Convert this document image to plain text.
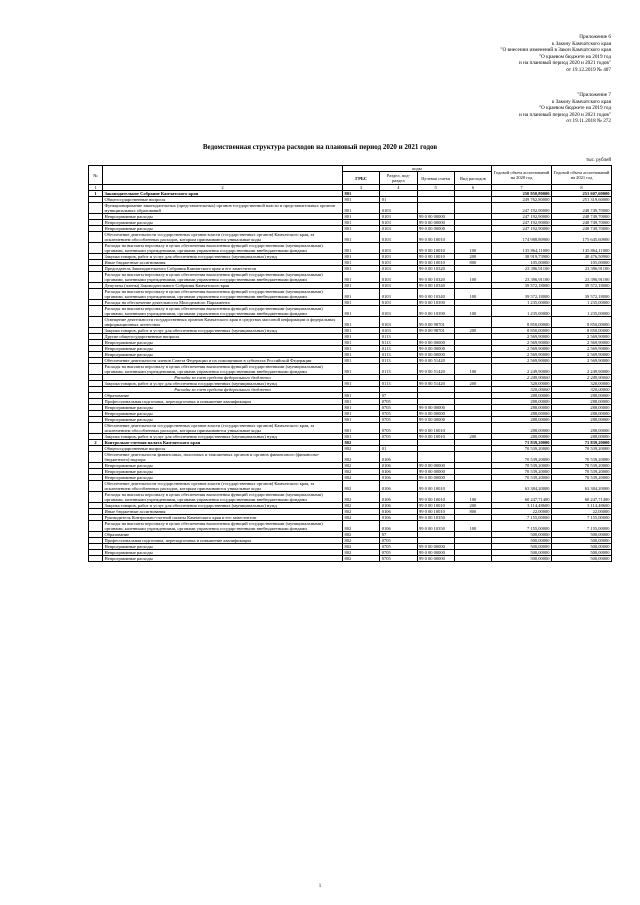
Приложение 6
к Закону Камчатского края
"О внесении изменений в Закон Камчатского края
"О краевом бюджете на 2019 год
и на плановый период 2020 и 2021 годов"
от 19.12.2019 № 407
"Приложение 7
к Закону Камчатского края
"О краевом бюджете на 2019 год
и на плановый период 2020 и 2021 годов"
от 19.11.2018 № 272
Ведомственная структура расходов на плановый период 2020 и 2021 годов
тыс. рублей
№		коды				Годовой объем ассигнований на 2020 год	Годовой объем ассигнований на 2021 год
		ГРБС	Раздел, под-раздел	Целевая статья	Вид расходов		
1	2	3	4	5	6	7	8
1	Законодательное Собрание Камчатского края	801				250 950,80000	251 607,60000
	Общегосударственные вопросы	801	01			249 762,80000	251 319,60000
	Функционирование законодательных (представительных) органов государственной власти и представительных органов муниципальных образований	801	0103			247 192,90000	248 749,70000
	Непрограммные расходы	801	0103	99 0 00 00000		247 192,90000	248 749,70000
	Непрограммные расходы	801	0103	99 0 00 00000		247 192,90000	248 749,70000
	Непрограммные расходы	801	0103	99 0 00 00000		247 192,90000	248 749,70000
	Обеспечение деятельности государственных органов власти (государственных органов) Камчатского края, за исключением обособленных расходов, которым присваиваются уникальные коды	801	0103	99 0 00 10010		174 988,80900	175 645,60900
	Расходы на выплаты персоналу в целях обеспечения выполнения функций государственными (муниципальными) органами, казенными учреждениями, органами управления государственными внебюджетными фондами	801	0103	99 0 00 10010	100	135 864,11000	135 864,11000
	Закупка товаров, работ и услуг для обеспечения государственных (муниципальных) нужд	801	0103	99 0 00 10010	200	38 919,73900	40 476,50900
	Иные бюджетные ассигнования	801	0103	99 0 00 10010	800	105,00000	105,00000
	Председатель Законодательного Собрания Камчатского края и его заместители	801	0103	99 0 00 10320		23 396,91100	23 396,91100
	Расходы на выплаты персоналу в целях обеспечения выполнения функций государственными (муниципальными) органами, казенными учреждениями, органами управления государственными внебюджетными фондами	801	0103	99 0 00 10320	100	23 396,91100	23 396,91100
	Депутаты (члены) Законодательного Собрания Камчатского края	801	0103	99 0 00 10340		39 572,18000	39 572,18000
	Расходы на выплаты персоналу в целях обеспечения выполнения функций государственными (муниципальными) органами, казенными учреждениями, органами управления государственными внебюджетными фондами	801	0103	99 0 00 10340	100	39 572,18000	39 572,18000
	Расходы на обеспечение деятельности Молодежного Парламента	801	0103	99 0 00 10390		1 235,00000	1 235,00000
	Расходы на выплаты персоналу в целях обеспечения выполнения функций государственными (муниципальными) органами, казенными учреждениями, органами управления государственными внебюджетными фондами	801	0103	99 0 00 10390	100	1 235,00000	1 235,00000
	Освещение деятельности государственных органов Камчатского края в средствах массовой информации и федеральных информационных агентствах	801	0103	99 0 00 98701		8 850,00000	8 850,00000
	Закупка товаров, работ и услуг для обеспечения государственных (муниципальных) нужд	801	0103	99 0 00 98701	200	8 850,00000	8 850,00000
	Другие общегосударственные вопросы	801	0113			2 569,90000	2 569,90000
	Непрограммные расходы	801	0113	99 0 00 00000		2 569,90000	2 569,90000
	Непрограммные расходы	801	0113	99 0 00 00000		2 569,90000	2 569,90000
	Непрограммные расходы	801	0113	99 0 00 00000		2 569,90000	2 569,90000
	Обеспечение деятельности членов Совета Федерации и их помощников в субъектах Российской Федерации	801	0113	99 0 00 51420		2 569,90000	2 569,90000
	Расходы на выплаты персоналу в целях обеспечения выполнения функций государственными (муниципальными) органами, казенными учреждениями, органами управления государственными внебюджетными фондами	801	0113	99 0 00 51420	100	2 249,90000	2 249,90000
	Расходы за счет средств федерального бюджета					2 249,90000	2 249,90000
	Закупка товаров, работ и услуг для обеспечения государственных (муниципальных) нужд	801	0113	99 0 00 51420	200	320,00000	320,00000
	Расходы за счет средств федерального бюджета					320,00000	320,00000
	Образование	801	07			288,00000	288,00000
	Профессиональная подготовка, переподготовка и повышение квалификации	801	0705			288,00000	288,00000
	Непрограммные расходы	801	0705	99 0 00 00000		288,00000	288,00000
	Непрограммные расходы	801	0705	99 0 00 00000		288,00000	288,00000
	Непрограммные расходы	801	0705	99 0 00 00000		288,00000	288,00000
	Обеспечение деятельности государственных органов власти (государственных органов) Камчатского края, за исключением обособленных расходов, которым присваиваются уникальные коды	801	0705	99 0 00 10010		288,00000	288,00000
	Закупка товаров, работ и услуг для обеспечения государственных (муниципальных) нужд	801	0705	99 0 00 10010	200	288,00000	288,00000
2	Контрольно-счетная палата Камчатского края	802				71 839,20000	71 839,20000
	Общегосударственные вопросы	802	01			70 539,20000	70 539,20000
	Обеспечение деятельности финансовых, налоговых и таможенных органов и органов финансового (финансово-бюджетного) надзора	802	0106			70 539,20000	70 539,20000
	Непрограммные расходы	802	0106	99 0 00 00000		70 539,20000	70 539,20000
	Непрограммные расходы	802	0106	99 0 00 00000		70 539,20000	70 539,20000
	Непрограммные расходы	802	0106	99 0 00 00000		70 539,20000	70 539,20000
	Обеспечение деятельности государственных органов власти (государственных органов) Камчатского края, за исключением обособленных расходов, которым присваиваются уникальные коды	802	0106	99 0 00 10010		63 384,20000	63 384,20000
	Расходы на выплаты персоналу в целях обеспечения выполнения функций государственными (муниципальными) органами, казенными учреждениями, органами управления государственными внебюджетными фондами	802	0106	99 0 00 10010	100	60 247,71400	60 247,71400
	Закупка товаров, работ и услуг для обеспечения государственных (муниципальных) нужд	802	0106	99 0 00 10010	200	3 114,48600	3 114,48600
	Иные бюджетные ассигнования	802	0106	99 0 00 10010	800	22,00000	22,00000
	Руководитель Контрольно-счетной палаты Камчатского края и его заместители	802	0106	99 0 00 10350		7 155,00000	7 155,00000
	Расходы на выплаты персоналу в целях обеспечения выполнения функций государственными (муниципальными) органами, казенными учреждениями, органами управления государственными внебюджетными фондами	802	0106	99 0 00 10350	100	7 155,00000	7 155,00000
	Образование	802	07			500,00000	500,00000
	Профессиональная подготовка, переподготовка и повышение квалификации	802	0705			500,00000	500,00000
	Непрограммные расходы	802	0705	99 0 00 00000		500,00000	500,00000
	Непрограммные расходы	802	0705	99 0 00 00000		500,00000	500,00000
	Непрограммные расходы	802	0705	99 0 00 00000		500,00000	500,00000
1
